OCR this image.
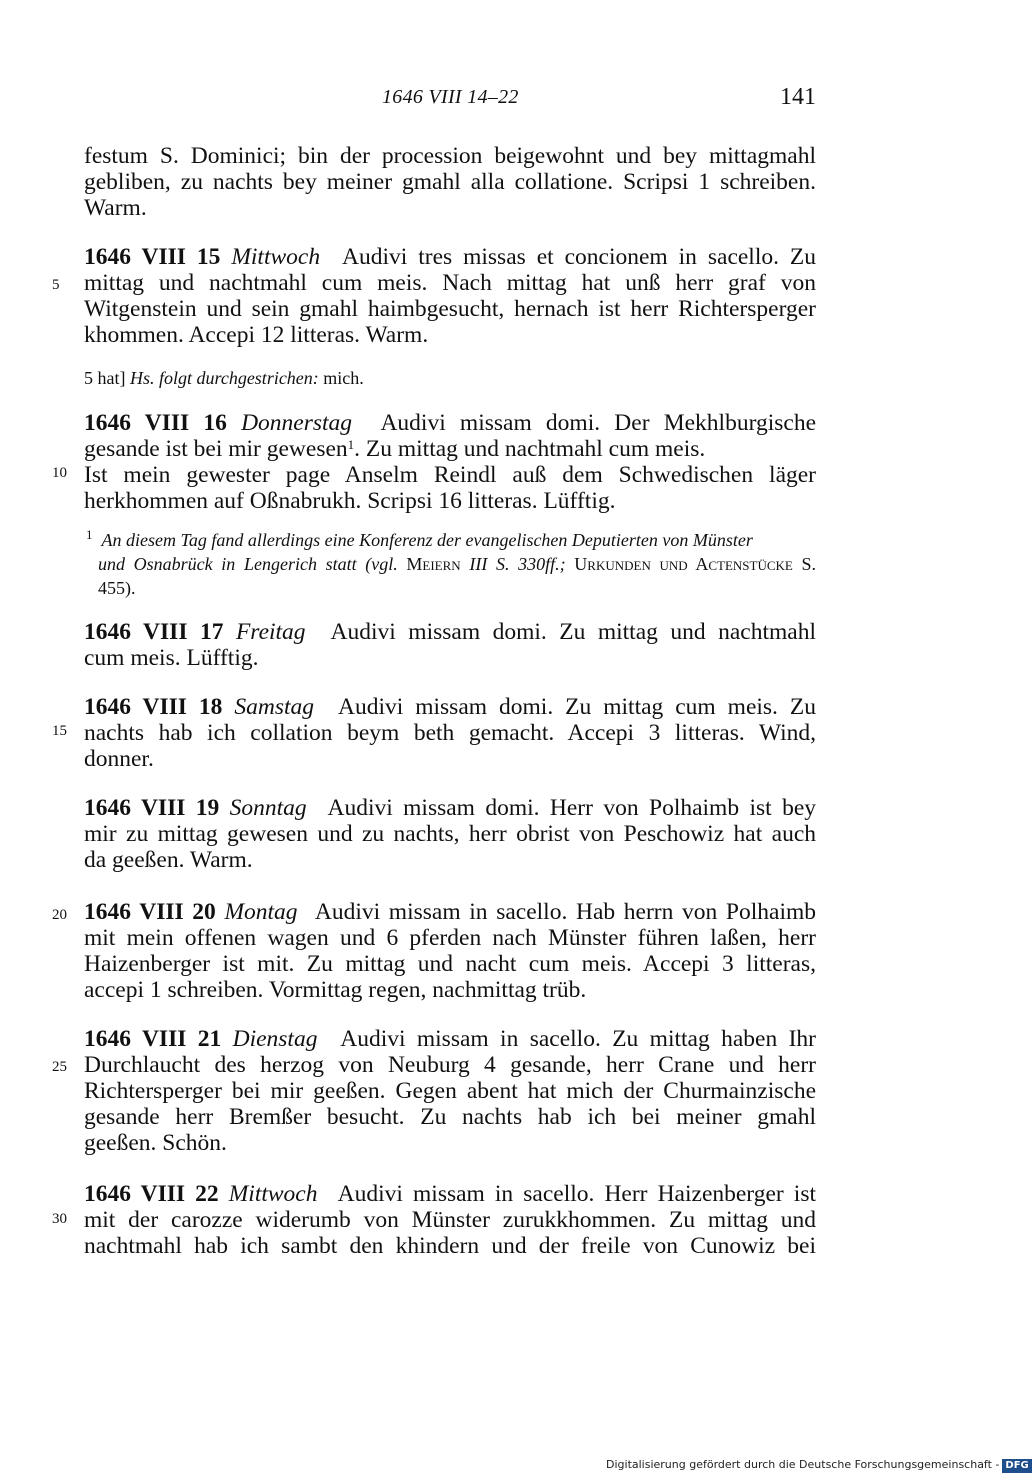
1646 VIII 14–22	141
5
10
15
20
25
30
festum S. Dominici; bin der procession beigewohnt und bey mittagmahl
gebliben, zu nachts bey meiner gmahl alla collatione. Scripsi 1 schreiben.
Warm.
1646 VIII 15 Mittwoch Audivi tres missas et concionem in sacello. Zu
mittag und nachtmahl cum meis. Nach mittag hat unß herr graf von
Witgenstein und sein gmahl haimbgesucht, hernach ist herr Richtersperger
khommen. Accepi 12 litteras. Warm.
5 hat] Hs. folgt durchgestrichen: mich.
1646 VIII 16 Donnerstag Audivi missam domi. Der Mekhlburgische
gesande ist bei mir gewesen$^1$. Zu mittag und nachtmahl cum meis.
Ist mein gewester page Anselm Reindl auß dem Schwedischen läger
herkhommen auf Oßnabrukh. Scripsi 16 litteras. Lüfftig.
$^1$ An diesem Tag fand allerdings eine Konferenz der evangelischen Deputierten von Münster
und Osnabrück in Lengerich statt (vgl. Meiern III S. 330ff.; Urkunden und Actenstücke S.
455).
1646 VIII 17 Freitag Audivi missam domi. Zu mittag und nachtmahl
cum meis. Lüfftig.
1646 VIII 18 Samstag Audivi missam domi. Zu mittag cum meis. Zu
nachts hab ich collation beym beth gemacht. Accepi 3 litteras. Wind,
donner.
1646 VIII 19 Sonntag Audivi missam domi. Herr von Polhaimb ist bey
mir zu mittag gewesen und zu nachts, herr obrist von Peschowiz hat auch
da geeßen. Warm.
1646 VIII 20 Montag Audivi missam in sacello. Hab herrn von Polhaimb
mit mein offenen wagen und 6 pferden nach Münster führen laßen, herr
Haizenberger ist mit. Zu mittag und nacht cum meis. Accepi 3 litteras,
accepi 1 schreiben. Vormittag regen, nachmittag trüb.
1646 VIII 21 Dienstag Audivi missam in sacello. Zu mittag haben Ihr
Durchlaucht des herzog von Neuburg 4 gesande, herr Crane und herr
Richtersperger bei mir geeßen. Gegen abent hat mich der Churmainzische
gesande herr Bremßer besucht. Zu nachts hab ich bei meiner gmahl
geeßen. Schön.
1646 VIII 22 Mittwoch Audivi missam in sacello. Herr Haizenberger ist
mit der carozze widerumb von Münster zurukkhommen. Zu mittag und
nachtmahl hab ich sambt den khindern und der freile von Cunowiz bei
Digitalisierung gefördert durch die Deutsche Forschungsgemeinschaft - DFG
